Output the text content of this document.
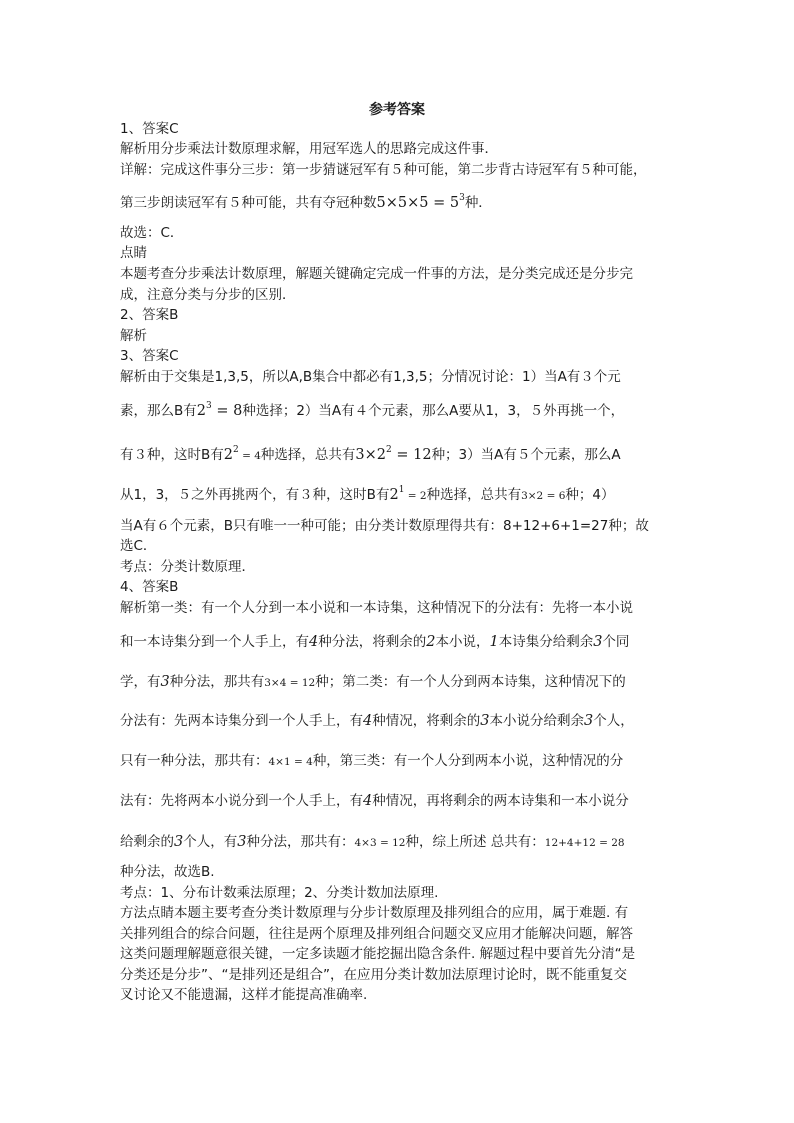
参考答案
1、答案C
解析用分步乘法计数原理求解，用冠军选人的思路完成这件事．
详解：完成这件事分三步：第一步猜谜冠军有５种可能，第二步背古诗冠军有５种可能，
第三步朗读冠军有５种可能，共有夺冠种数$5\times 5\times 5 = 5^3$种．
故选：C．
点睛
本题考查分步乘法计数原理，解题关键确定完成一件事的方法，是分类完成还是分步完
成，注意分类与分步的区别．
2、答案B
解析
3、答案C
解析由于交集是1,3,5，所以A,B集合中都必有1,3,5；分情况讨论：1）当A有３个元
素，那么B有$2^3 = 8$种选择；2）当A有４个元素，那么A要从1，3，５外再挑一个，
有３种，这时B有$2^2 = 4$种选择，总共有$3\times 2^2 = 12$种；3）当A有５个元素，那么A
从1，3，５之外再挑两个，有３种，这时B有$2^1 = 2$种选择，总共有3×2 = 6种；4）
当A有６个元素，B只有唯一一种可能；由分类计数原理得共有：8+12+6+1=27种；故
选C．
考点：分类计数原理．
4、答案B
解析第一类：有一个人分到一本小说和一本诗集，这种情况下的分法有：先将一本小说
和一本诗集分到一个人手上，有4种分法，将剩余的2本小说，1本诗集分给剩余3个同
学，有3种分法，那共有3×4 = 12种；第二类：有一个人分到两本诗集，这种情况下的
分法有：先两本诗集分到一个人手上，有4种情况，将剩余的3本小说分给剩余3个人，
只有一种分法，那共有：4×1 = 4种，第三类：有一个人分到两本小说，这种情况的分
法有：先将两本小说分到一个人手上，有4种情况，再将剩余的两本诗集和一本小说分
给剩余的3个人，有3种分法，那共有：4×3 = 12种，综上所述 总共有：12+4+12 = 28
种分法，故选B.
考点：1、分布计数乘法原理；2、分类计数加法原理.
方法点睛本题主要考查分类计数原理与分步计数原理及排列组合的应用，属于难题. 有
关排列组合的综合问题，往往是两个原理及排列组合问题交叉应用才能解决问题，解答
这类问题理解题意很关键，一定多读题才能挖掘出隐含条件. 解题过程中要首先分清“是
分类还是分步”、“是排列还是组合”，在应用分类计数加法原理讨论时，既不能重复交
叉讨论又不能遗漏，这样才能提高准确率.
